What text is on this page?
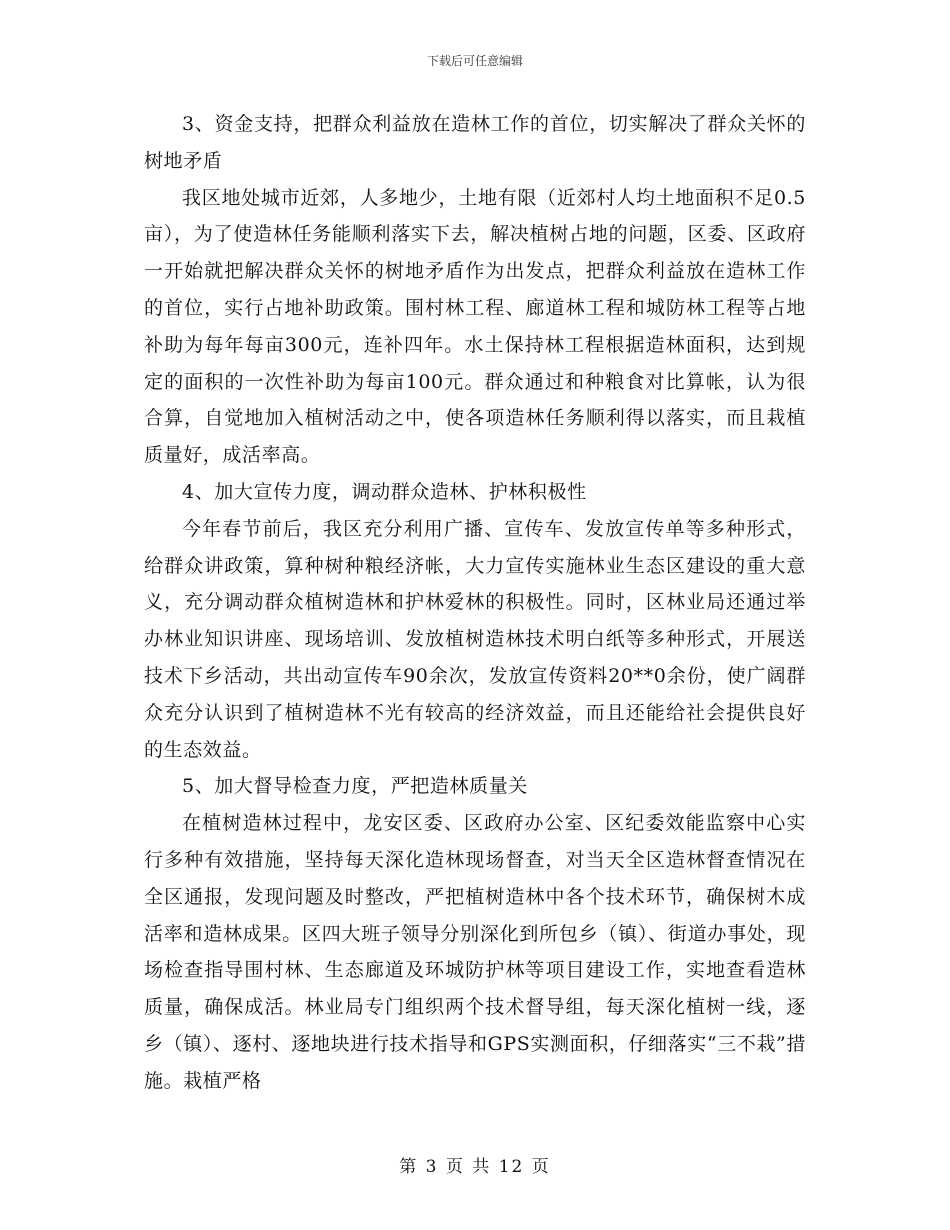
下载后可任意编辑

3、资金支持，把群众利益放在造林工作的首位，切实解决了群众关怀的树地矛盾

我区地处城市近郊，人多地少，土地有限（近郊村人均土地面积不足0.5亩），为了使造林任务能顺利落实下去，解决植树占地的问题，区委、区政府一开始就把解决群众关怀的树地矛盾作为出发点，把群众利益放在造林工作的首位，实行占地补助政策。围村林工程、廊道林工程和城防林工程等占地补助为每年每亩300元，连补四年。水土保持林工程根据造林面积，达到规定的面积的一次性补助为每亩100元。群众通过和种粮食对比算帐，认为很合算，自觉地加入植树活动之中，使各项造林任务顺利得以落实，而且栽植质量好，成活率高。

4、加大宣传力度，调动群众造林、护林积极性

今年春节前后，我区充分利用广播、宣传车、发放宣传单等多种形式，给群众讲政策，算种树种粮经济帐，大力宣传实施林业生态区建设的重大意义，充分调动群众植树造林和护林爱林的积极性。同时，区林业局还通过举办林业知识讲座、现场培训、发放植树造林技术明白纸等多种形式，开展送技术下乡活动，共出动宣传车90余次，发放宣传资料20**0余份，使广阔群众充分认识到了植树造林不光有较高的经济效益，而且还能给社会提供良好的生态效益。

5、加大督导检查力度，严把造林质量关

在植树造林过程中，龙安区委、区政府办公室、区纪委效能监察中心实行多种有效措施，坚持每天深化造林现场督查，对当天全区造林督查情况在全区通报，发现问题及时整改，严把植树造林中各个技术环节，确保树木成活率和造林成果。区四大班子领导分别深化到所包乡（镇）、街道办事处，现场检查指导围村林、生态廊道及环城防护林等项目建设工作，实地查看造林质量，确保成活。林业局专门组织两个技术督导组，每天深化植树一线，逐乡（镇）、逐村、逐地块进行技术指导和GPS实测面积，仔细落实“三不栽”措施。栽植严格

第 3 页 共 12 页
